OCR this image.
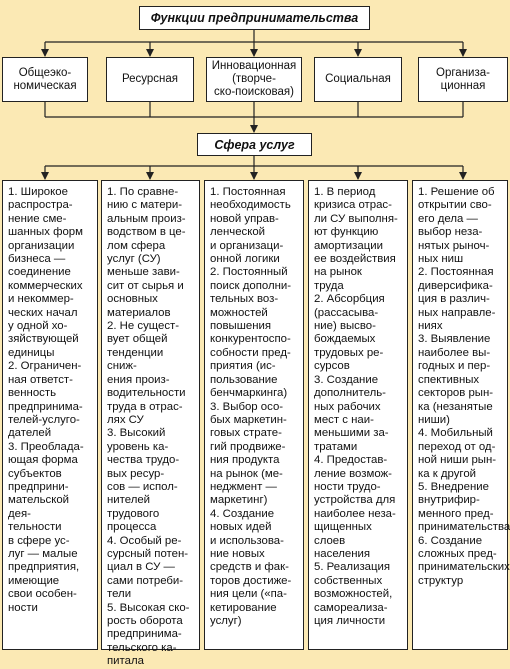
Функции предпринимательства
Общеэко-
номическая
Ресурсная
Инновационная (творче-
ско-поисковая)
Социальная
Организа-
ционная
Сфера услуг
1. Широкое
распростра-
нение сме-
шанных форм
организации
бизнеса —
соединение
коммерческих
и некоммер-
ческих начал
у одной хо-
зяйствующей
единицы
2. Ограничен-
ная ответст-
венность
предпринима-
телей-услуго-
дателей
3. Преоблада-
ющая форма
субъектов
предприни-
мательской дея-
тельности
в сфере ус-
луг — малые
предприятия,
имеющие
свои особен-
ности
1. По сравне-
нию с матери-
альным произ-
водством в це-
лом сфера
услуг (СУ)
меньше зави-
сит от сырья и
основных
материалов
2. Не сущест-
вует общей
тенденции сниж-
ения произ-
водительности
труда в отрас-
лях СУ
3. Высокий
уровень ка-
чества трудо-
вых ресур-
сов — испол-
нителей
трудового
процесса
4. Особый ре-
сурсный потен-
циал в СУ —
сами потреби-
тели
5. Высокая ско-
рость оборота
предпринима-
тельского ка-
питала
1. Постоянная
необходимость
новой управ-
ленческой
и организаци-
онной логики
2. Постоянный
поиск дополни-
тельных воз-
можностей
повышения
конкурентоспо-
собности пред-
приятия (ис-
пользование
бенчмаркинга)
3. Выбор осо-
бых маркетин-
говых страте-
гий продвиже-
ния продукта
на рынок (ме-
неджмент —
маркетинг)
4. Создание
новых идей
и использова-
ние новых
средств и фак-
торов достиже-
ния цели («па-
кетирование
услуг)
1. В период
кризиса отрас-
ли СУ выполня-
ют функцию
амортизации
ее воздействия
на рынок
труда
2. Абсорбция
(рассасыва-
ние) высво-
бождаемых
трудовых ре-
сурсов
3. Создание
дополнитель-
ных рабочих
мест с наи-
меньшими за-
тратами
4. Предостав-
ление возмож-
ности трудо-
устройства для
наиболее неза-
щищенных слоев
населения
5. Реализация
собственных
возможностей,
самореализа-
ция личности
1. Решение об
открытии сво-
его дела —
выбор неза-
нятых рыноч-
ных ниш
2. Постоянная
диверсифика-
ция в различ-
ных направле-
ниях
3. Выявление
наиболее вы-
годных и пер-
спективных
секторов рын-
ка (незанятые
ниши)
4. Мобильный
переход от од-
ной ниши рын-
ка к другой
5. Внедрение
внутрифир-
менного пред-
принимательства
6. Создание
сложных пред-
принимательских
структур
